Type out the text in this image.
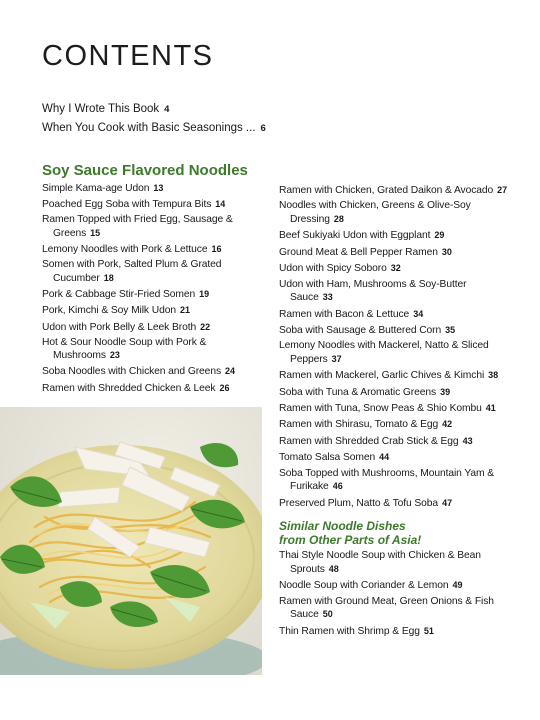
CONTENTS
Why I Wrote This Book 4
When You Cook with Basic Seasonings ... 6
Soy Sauce Flavored Noodles
Simple Kama-age Udon 13
Poached Egg Soba with Tempura Bits 14
Ramen Topped with Fried Egg, Sausage & Greens 15
Lemony Noodles with Pork & Lettuce 16
Somen with Pork, Salted Plum & Grated Cucumber 18
Pork & Cabbage Stir-Fried Somen 19
Pork, Kimchi & Soy Milk Udon 21
Udon with Pork Belly & Leek Broth 22
Hot & Sour Noodle Soup with Pork & Mushrooms 23
Soba Noodles with Chicken and Greens 24
Ramen with Shredded Chicken & Leek 26
Ramen with Chicken, Grated Daikon & Avocado 27
Noodles with Chicken, Greens & Olive-Soy Dressing 28
Beef Sukiyaki Udon with Eggplant 29
Ground Meat & Bell Pepper Ramen 30
Udon with Spicy Soboro 32
Udon with Ham, Mushrooms & Soy-Butter Sauce 33
Ramen with Bacon & Lettuce 34
Soba with Sausage & Buttered Corn 35
Lemony Noodles with Mackerel, Natto & Sliced Peppers 37
Ramen with Mackerel, Garlic Chives & Kimchi 38
Soba with Tuna & Aromatic Greens 39
Ramen with Tuna, Snow Peas & Shio Kombu 41
Ramen with Shirasu, Tomato & Egg 42
Ramen with Shredded Crab Stick & Egg 43
Tomato Salsa Somen 44
Soba Topped with Mushrooms, Mountain Yam & Furikake 46
Preserved Plum, Natto & Tofu Soba 47
Similar Noodle Dishes
from Other Parts of Asia!
Thai Style Noodle Soup with Chicken & Bean Sprouts 48
Noodle Soup with Coriander & Lemon 49
Ramen with Ground Meat, Green Onions & Fish Sauce 50
Thin Ramen with Shrimp & Egg 51
